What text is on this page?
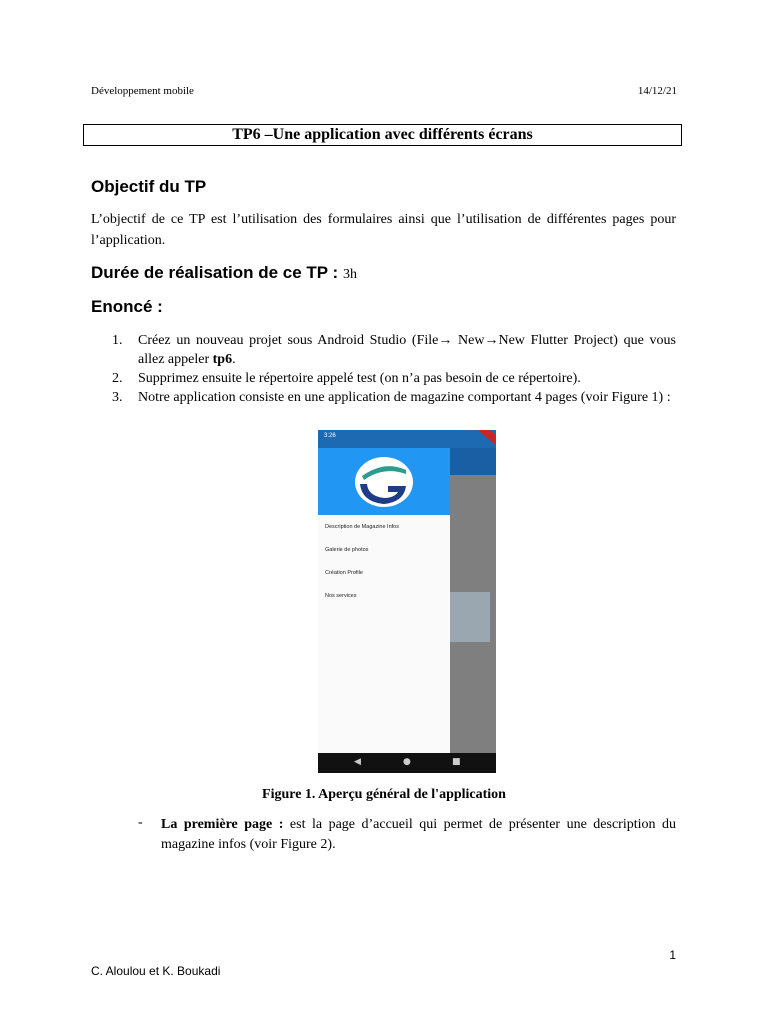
Développement mobile	14/12/21
TP6 –Une application avec différents écrans
Objectif du TP
L’objectif de ce TP est l’utilisation des formulaires ainsi que l’utilisation de différentes pages pour l’application.
Durée de réalisation de ce TP : 3h
Enoncé :
1. Créez un nouveau projet sous Android Studio (File→ New→New Flutter Project) que vous allez appeler tp6.
2. Supprimez ensuite le répertoire appelé test (on n’a pas besoin de ce répertoire).
3. Notre application consiste en une application de magazine comportant 4 pages (voir Figure 1) :
3:26
Description de Magazine Infos
Galerie de photos
Création Profile
Nos services
◀	●	■
Figure 1. Aperçu général de l'application
- La première page : est la page d’accueil qui permet de présenter une description du magazine infos (voir Figure 2).
1
C. Aloulou et K. Boukadi
